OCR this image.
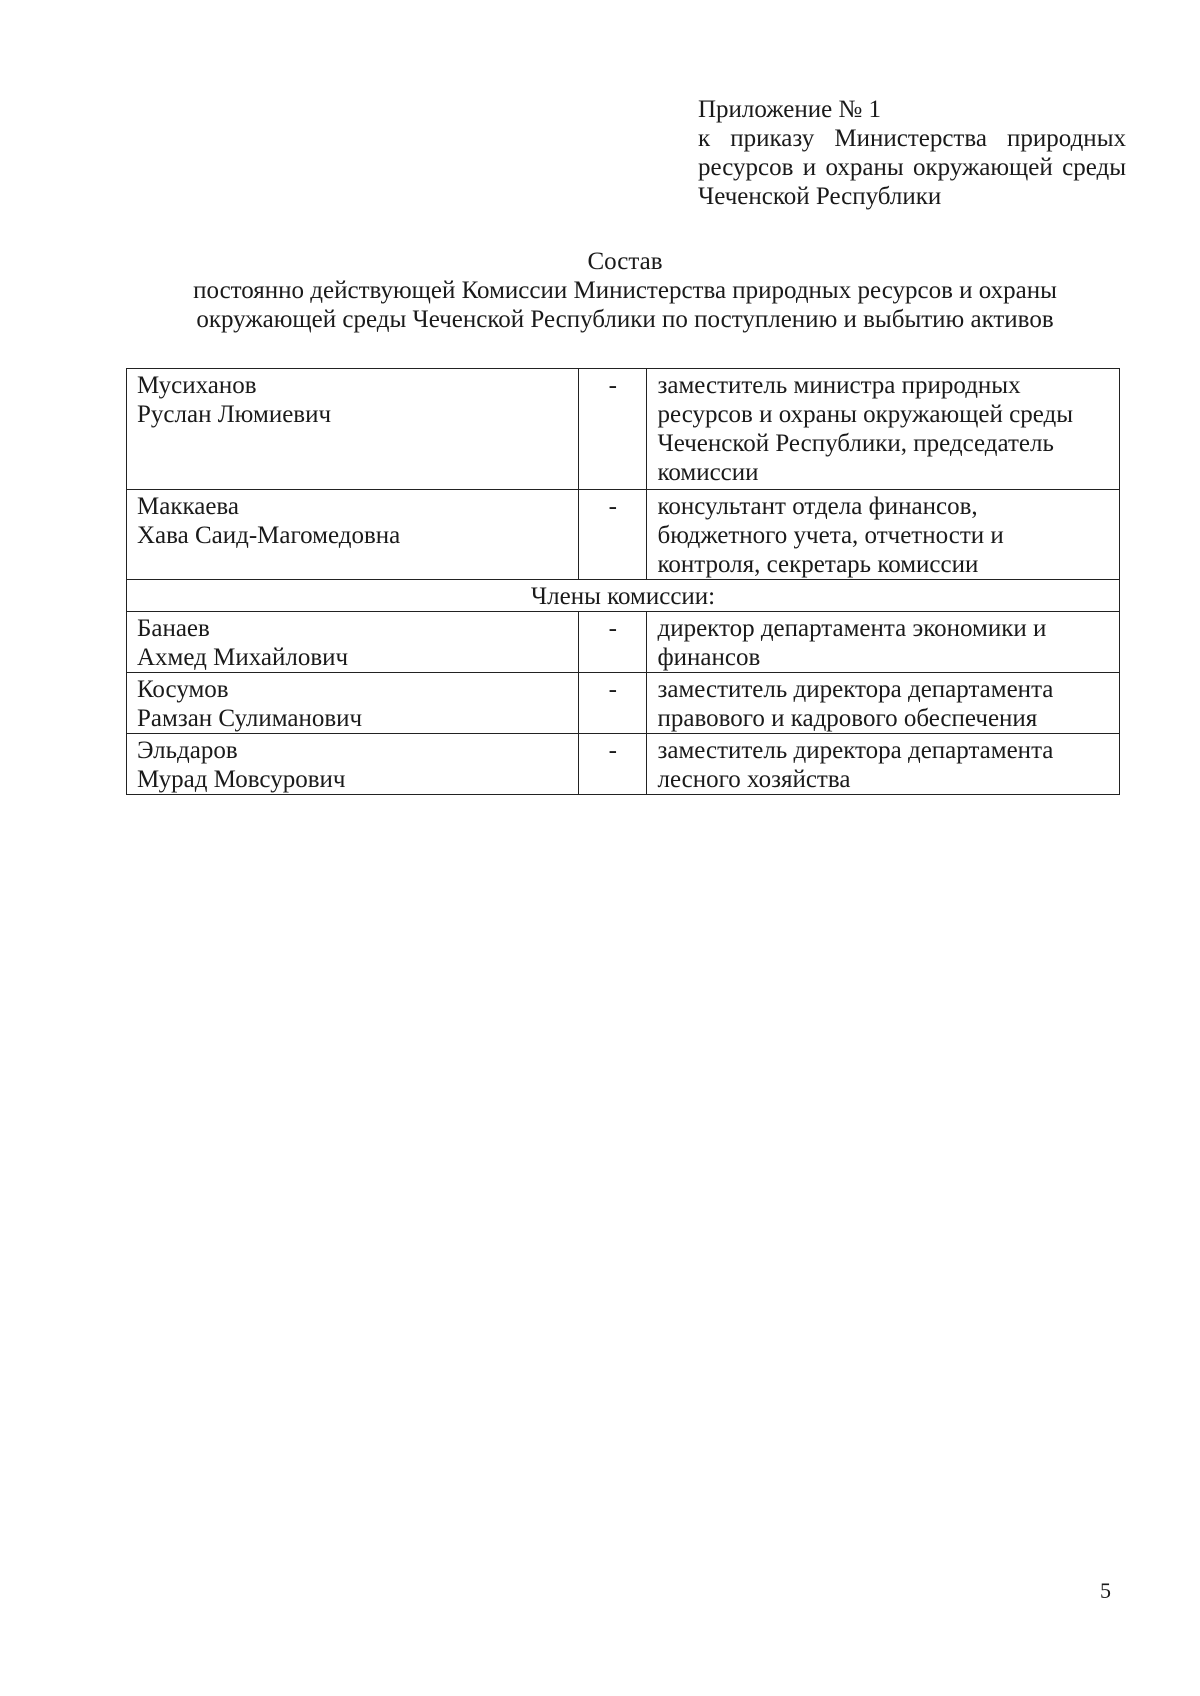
Приложение № 1
к приказу Министерства природных ресурсов и охраны окружающей среды Чеченской Республики
Состав
постоянно действующей Комиссии Министерства природных ресурсов и охраны окружающей среды Чеченской Республики по поступлению и выбытию активов
Мусиханов
Руслан Люмиевич	-	заместитель министра природных ресурсов и охраны окружающей среды Чеченской Республики, председатель комиссии

Маккаева
Хава Саид-Магомедовна	-	консультант отдела финансов, бюджетного учета, отчетности и контроля, секретарь комиссии
Члены комиссии:		

Банаев
Ахмед Михайлович	-	директор департамента экономики и финансов

Косумов
Рамзан Сулиманович	-	заместитель директора департамента правового и кадрового обеспечения

Эльдаров
Мурад Мовсурович	-	заместитель директора департамента лесного хозяйства
5
